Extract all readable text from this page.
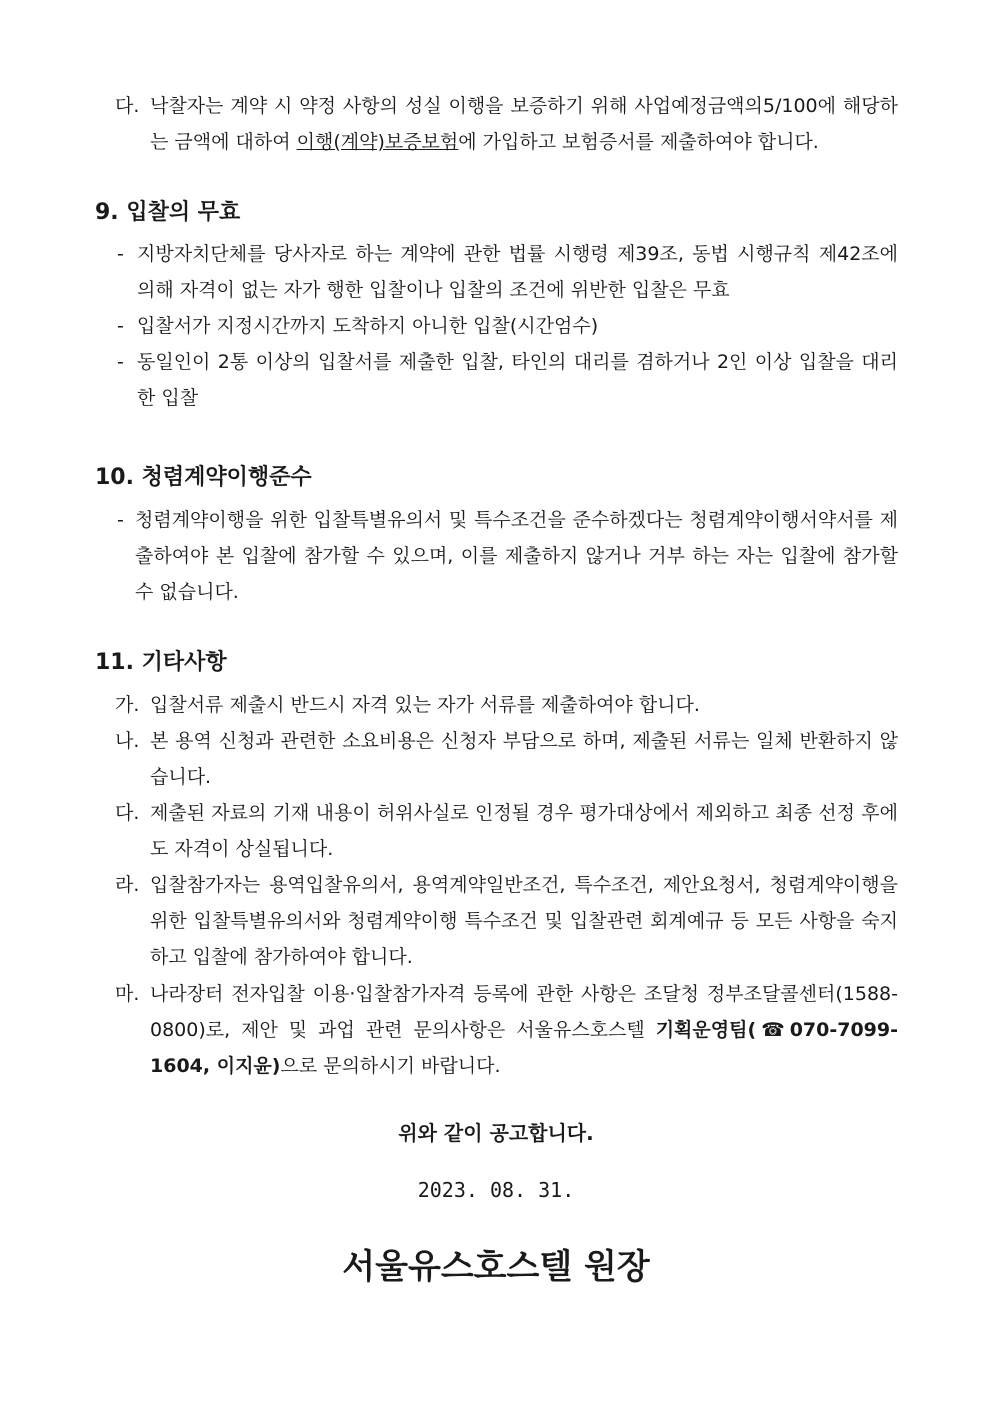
다. 낙찰자는 계약 시 약정 사항의 성실 이행을 보증하기 위해 사업예정금액의5/100에 해당하는 금액에 대하여 이행(계약)보증보험에 가입하고 보험증서를 제출하여야 합니다.
9. 입찰의 무효
- 지방자치단체를 당사자로 하는 계약에 관한 법률 시행령 제39조, 동법 시행규칙 제42조에 의해 자격이 없는 자가 행한 입찰이나 입찰의 조건에 위반한 입찰은 무효
- 입찰서가 지정시간까지 도착하지 아니한 입찰(시간엄수)
- 동일인이 2통 이상의 입찰서를 제출한 입찰, 타인의 대리를 겸하거나 2인 이상 입찰을 대리한 입찰
10. 청렴계약이행준수
- 청렴계약이행을 위한 입찰특별유의서 및 특수조건을 준수하겠다는 청렴계약이행서약서를 제출하여야 본 입찰에 참가할 수 있으며, 이를 제출하지 않거나 거부 하는 자는 입찰에 참가할 수 없습니다.
11. 기타사항
가. 입찰서류 제출시 반드시 자격 있는 자가 서류를 제출하여야 합니다.
나. 본 용역 신청과 관련한 소요비용은 신청자 부담으로 하며, 제출된 서류는 일체 반환하지 않습니다.
다. 제출된 자료의 기재 내용이 허위사실로 인정될 경우 평가대상에서 제외하고 최종 선정 후에도 자격이 상실됩니다.
라. 입찰참가자는 용역입찰유의서, 용역계약일반조건, 특수조건, 제안요청서, 청렴계약이행을 위한 입찰특별유의서와 청렴계약이행 특수조건 및 입찰관련 회계예규 등 모든 사항을 숙지하고 입찰에 참가하여야 합니다.
마. 나라장터 전자입찰 이용·입찰참가자격 등록에 관한 사항은 조달청 정부조달콜센터(1588-0800)로, 제안 및 과업 관련 문의사항은 서울유스호스텔 기획운영팀(☎070-7099-1604, 이지윤)으로 문의하시기 바랍니다.
위와 같이 공고합니다.
2023. 08. 31.
서울유스호스텔 원장
